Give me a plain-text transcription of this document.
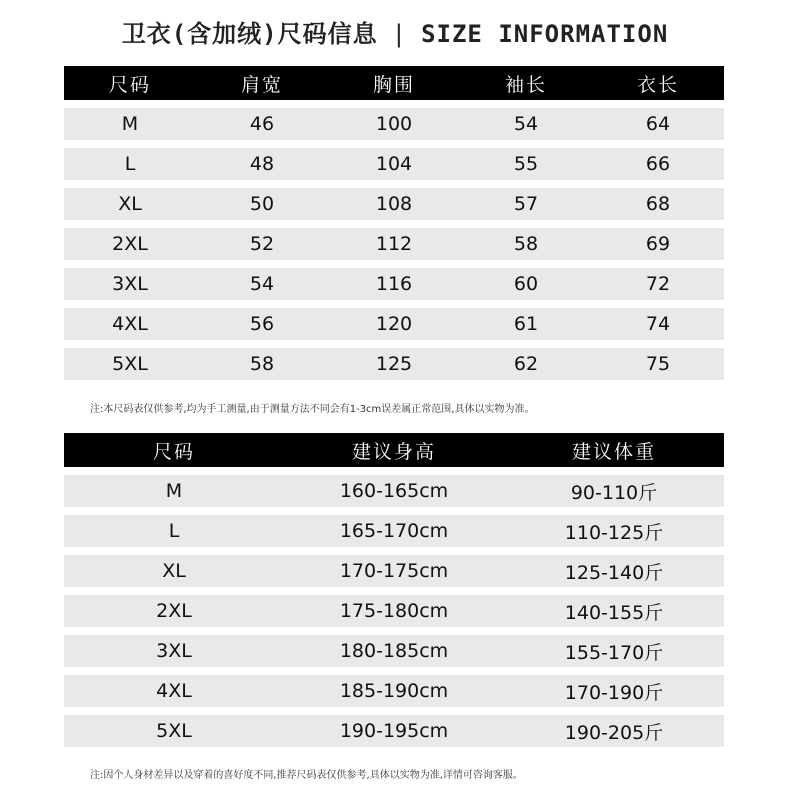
卫衣(含加绒)尺码信息 | SIZE INFORMATION
尺码	肩宽	胸围	袖长	衣长
M	46	100	54	64
L	48	104	55	66
XL	50	108	57	68
2XL	52	112	58	69
3XL	54	116	60	72
4XL	56	120	61	74
5XL	58	125	62	75
注:本尺码表仅供参考,均为手工测量,由于测量方法不同会有1-3cm误差属正常范围,具体以实物为准。
尺码	建议身高	建议体重
M	160-165cm	90-110斤
L	165-170cm	110-125斤
XL	170-175cm	125-140斤
2XL	175-180cm	140-155斤
3XL	180-185cm	155-170斤
4XL	185-190cm	170-190斤
5XL	190-195cm	190-205斤
注:因个人身材差异以及穿着的喜好度不同,推荐尺码表仅供参考,具体以实物为准,详情可咨询客服。
